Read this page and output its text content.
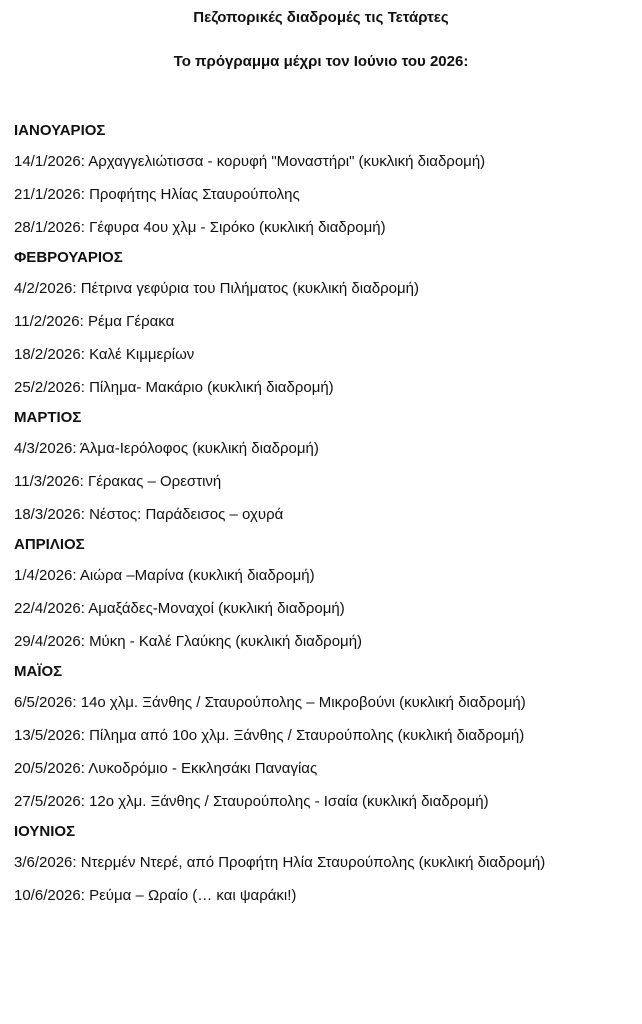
Πεζοπορικές διαδρομές τις Τετάρτες
Το πρόγραμμα μέχρι τον Ιούνιο του 2026:
ΙΑΝΟΥΑΡΙΟΣ
14/1/2026: Αρχαγγελιώτισσα - κορυφή "Μοναστήρι" (κυκλική διαδρομή)
21/1/2026: Προφήτης Ηλίας Σταυρούπολης
28/1/2026: Γέφυρα 4ου χλμ - Σιρόκο (κυκλική διαδρομή)
ΦΕΒΡΟΥΑΡΙΟΣ
4/2/2026: Πέτρινα γεφύρια του Πιλήματος (κυκλική διαδρομή)
11/2/2026: Ρέμα Γέρακα
18/2/2026: Καλέ Κιμμερίων
25/2/2026: Πίλημα- Μακάριο (κυκλική διαδρομή)
ΜΑΡΤΙΟΣ
4/3/2026: Άλμα-Ιερόλοφος (κυκλική διαδρομή)
11/3/2026: Γέρακας – Ορεστινή
18/3/2026: Νέστος: Παράδεισος – οχυρά
ΑΠΡΙΛΙΟΣ
1/4/2026: Αιώρα –Μαρίνα (κυκλική διαδρομή)
22/4/2026: Αμαξάδες-Μοναχοί (κυκλική διαδρομή)
29/4/2026: Μύκη - Καλέ Γλαύκης (κυκλική διαδρομή)
ΜΑΪΟΣ
6/5/2026: 14ο χλμ. Ξάνθης / Σταυρούπολης – Μικροβούνι (κυκλική διαδρομή)
13/5/2026: Πίλημα από 10ο χλμ. Ξάνθης / Σταυρούπολης (κυκλική διαδρομή)
20/5/2026: Λυκοδρόμιο - Εκκλησάκι Παναγίας
27/5/2026: 12ο χλμ. Ξάνθης / Σταυρούπολης - Ισαία (κυκλική διαδρομή)
ΙΟΥΝΙΟΣ
3/6/2026: Ντερμέν Ντερέ, από Προφήτη Ηλία Σταυρούπολης (κυκλική διαδρομή)
10/6/2026: Ρεύμα – Ωραίο (… και ψαράκι!)
